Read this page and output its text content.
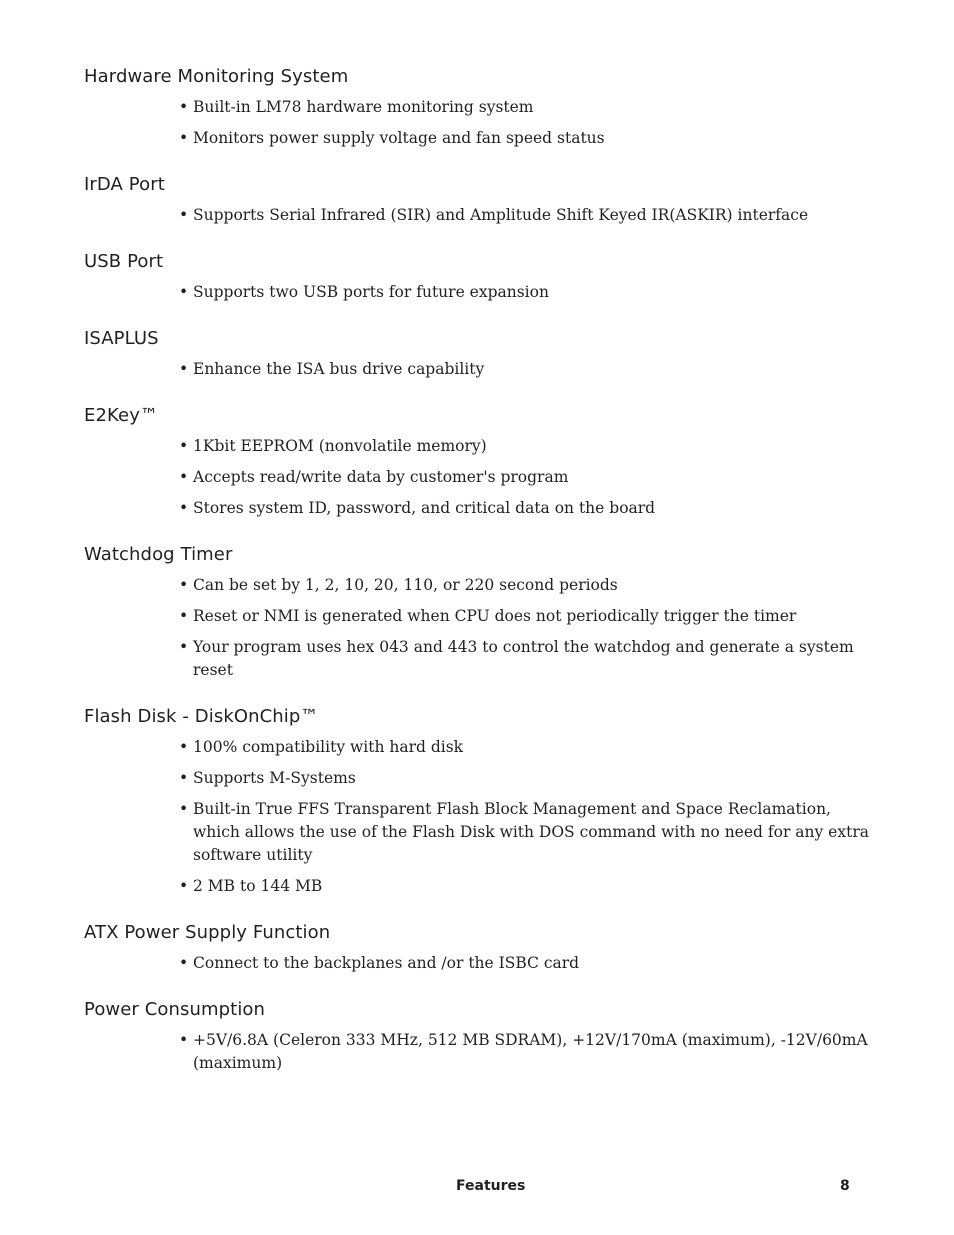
Hardware Monitoring System
• Built-in LM78 hardware monitoring system
• Monitors power supply voltage and fan speed status
IrDA Port
• Supports Serial Infrared (SIR) and Amplitude Shift Keyed IR(ASKIR) interface
USB Port
• Supports two USB ports for future expansion
ISAPLUS
• Enhance the ISA bus drive capability
E2Key™
• 1Kbit EEPROM (nonvolatile memory)
• Accepts read/write data by customer's program
• Stores system ID, password, and critical data on the board
Watchdog Timer
• Can be set by 1, 2, 10, 20, 110, or 220 second periods
• Reset or NMI is generated when CPU does not periodically trigger the timer
• Your program uses hex 043 and 443 to control the watchdog and generate a system reset
Flash Disk - DiskOnChip™
• 100% compatibility with hard disk
• Supports M-Systems
• Built-in True FFS Transparent Flash Block Management and Space Reclamation, which allows the use of the Flash Disk with DOS command with no need for any extra software utility
• 2 MB to 144 MB
ATX Power Supply Function
• Connect to the backplanes and /or the ISBC card
Power Consumption
• +5V/6.8A (Celeron 333 MHz, 512 MB SDRAM), +12V/170mA (maximum), -12V/60mA (maximum)
Features	8
